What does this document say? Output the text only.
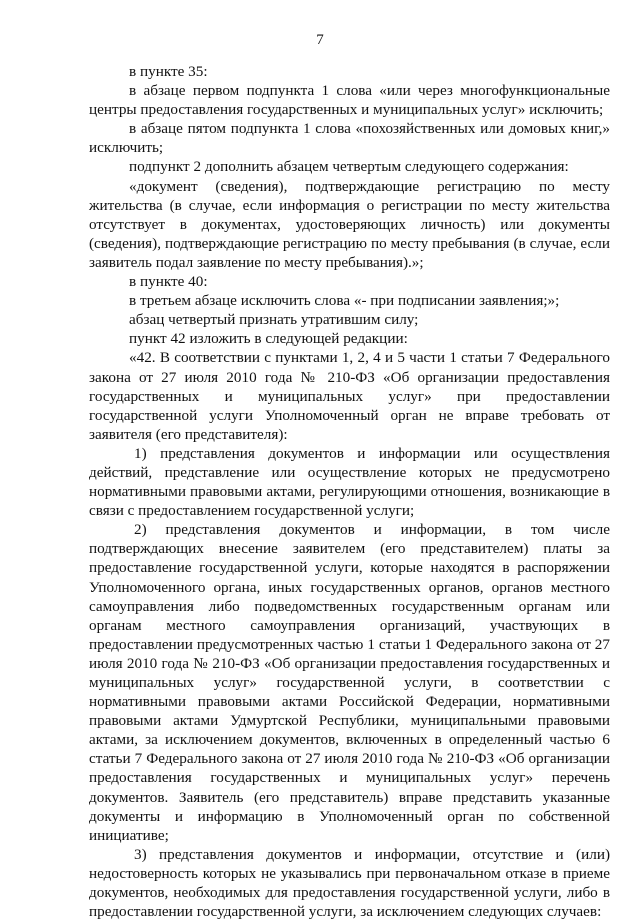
7

в пункте 35:

в абзаце первом подпункта 1 слова «или через многофункциональные центры предоставления государственных и муниципальных услуг» исключить;

в абзаце пятом подпункта 1 слова «похозяйственных или домовых книг,» исключить;

подпункт 2 дополнить абзацем четвертым следующего содержания:

«документ (сведения), подтверждающие регистрацию по месту жительства (в случае, если информация о регистрации по месту жительства отсутствует в документах, удостоверяющих личность) или документы (сведения), подтверждающие регистрацию по месту пребывания (в случае, если заявитель подал заявление по месту пребывания).»;

в пункте 40:

в третьем абзаце исключить слова «- при подписании заявления;»;

абзац четвертый признать утратившим силу;

пункт 42 изложить в следующей редакции:

«42. В соответствии с пунктами 1, 2, 4 и 5 части 1 статьи 7 Федерального закона от 27 июля 2010 года № 210-ФЗ «Об организации предоставления государственных и муниципальных услуг» при предоставлении государственной услуги Уполномоченный орган не вправе требовать от заявителя (его представителя):

1) представления документов и информации или осуществления действий, представление или осуществление которых не предусмотрено нормативными правовыми актами, регулирующими отношения, возникающие в связи с предоставлением государственной услуги;

2) представления документов и информации, в том числе подтверждающих внесение заявителем (его представителем) платы за предоставление государственной услуги, которые находятся в распоряжении Уполномоченного органа, иных государственных органов, органов местного самоуправления либо подведомственных государственным органам или органам местного самоуправления организаций, участвующих в предоставлении предусмотренных частью 1 статьи 1 Федерального закона от 27 июля 2010 года № 210-ФЗ «Об организации предоставления государственных и муниципальных услуг» государственной услуги, в соответствии с нормативными правовыми актами Российской Федерации, нормативными правовыми актами Удмуртской Республики, муниципальными правовыми актами, за исключением документов, включенных в определенный частью 6 статьи 7 Федерального закона от 27 июля 2010 года № 210-ФЗ «Об организации предоставления государственных и муниципальных услуг» перечень документов. Заявитель (его представитель) вправе представить указанные документы и информацию в Уполномоченный орган по собственной инициативе;

3) представления документов и информации, отсутствие и (или) недостоверность которых не указывались при первоначальном отказе в приеме документов, необходимых для предоставления государственной услуги, либо в предоставлении государственной услуги, за исключением следующих случаев:
